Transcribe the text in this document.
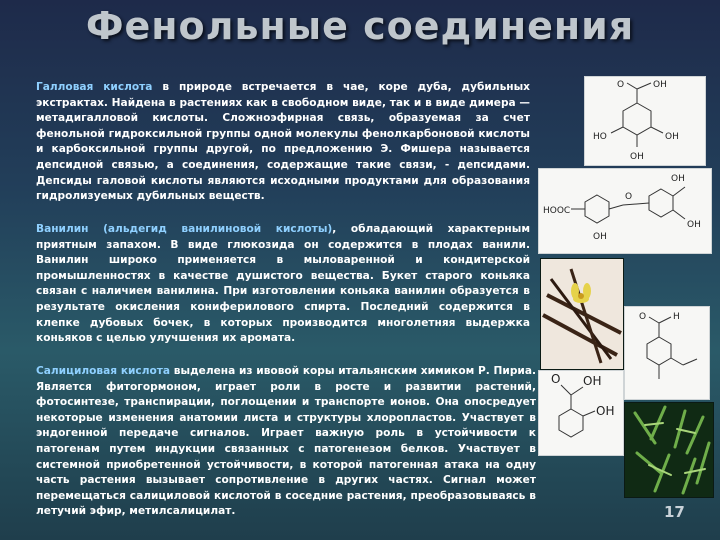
Фенольные соединения

Галловая кислота в природе встречается в чае, коре дуба, дубильных экстрактах. Найдена в растениях как в свободном виде, так и в виде димера — метадигалловой кислоты. Сложноэфирная связь, образуемая за счет фенольной гидроксильной группы одной молекулы фенолкарбоновой кислоты и карбоксильной группы другой, по предложению Э. Фишера называется депсидной связью, а соединения, содержащие такие связи, - депсидами. Депсиды галовой кислоты являются исходными продуктами для образования гидролизуемых дубильных веществ.

Ванилин (альдегид ванилиновой кислоты), обладающий характерным приятным запахом. В виде глюкозида он содержится в плодах ванили. Ванилин широко применяется в мыловаренной и кондитерской промышленностях в качестве душистого вещества. Букет старого коньяка связан с наличием ванилина. При изготовлении коньяка ванилин образуется в результате окисления кониферилового спирта. Последний содержится в клепке дубовых бочек, в которых производится многолетняя выдержка коньяков с целью улучшения их аромата.

Салициловая кислота выделена из ивовой коры итальянским химиком Р. Пириа. Является фитогормоном, играет роли в росте и развитии растений, фотосинтезе, транспирации, поглощении и транспорте ионов. Она опосредует некоторые изменения анатомии листа и структуры хлоропластов. Участвует в эндогенной передаче сигналов. Играет важную роль в устойчивости к патогенам путем индукции связанных с патогенезом белков. Участвует в системной приобретенной устойчивости, в которой патогенная атака на одну часть растения вызывает сопротивление в других частях. Сигнал может перемещаться салициловой кислотой в соседние растения, преобразовываясь в летучий эфир, метилсалицилат.

O	OH
HO	OH
OH
OH
OH
HOOC
O
OH
O	H
O OH
OH
17
